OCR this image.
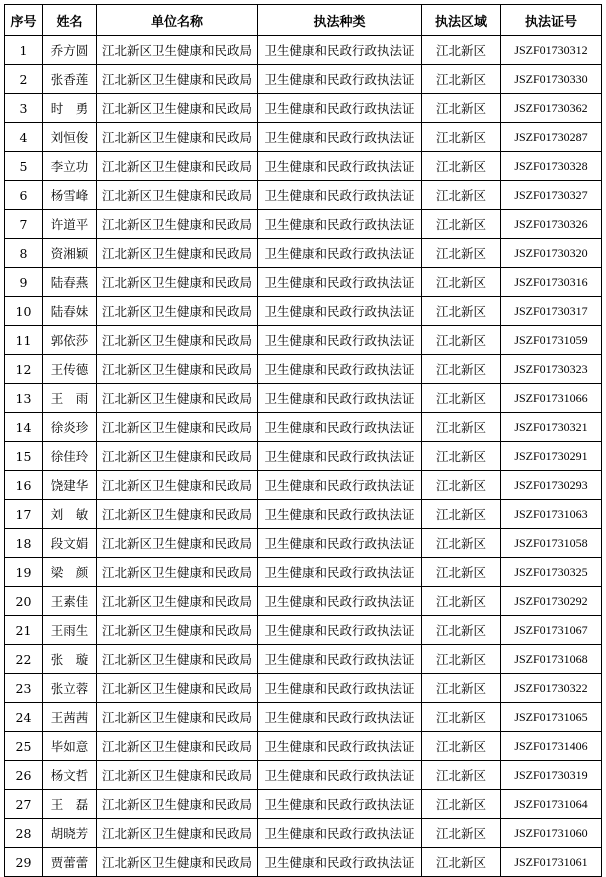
序号	姓名	单位名称	执法种类	执法区域	执法证号
1	乔方圆	江北新区卫生健康和民政局	卫生健康和民政行政执法证	江北新区	JSZF01730312
2	张香莲	江北新区卫生健康和民政局	卫生健康和民政行政执法证	江北新区	JSZF01730330
3	时　勇	江北新区卫生健康和民政局	卫生健康和民政行政执法证	江北新区	JSZF01730362
4	刘恒俊	江北新区卫生健康和民政局	卫生健康和民政行政执法证	江北新区	JSZF01730287
5	李立功	江北新区卫生健康和民政局	卫生健康和民政行政执法证	江北新区	JSZF01730328
6	杨雪峰	江北新区卫生健康和民政局	卫生健康和民政行政执法证	江北新区	JSZF01730327
7	许道平	江北新区卫生健康和民政局	卫生健康和民政行政执法证	江北新区	JSZF01730326
8	资湘颖	江北新区卫生健康和民政局	卫生健康和民政行政执法证	江北新区	JSZF01730320
9	陆春燕	江北新区卫生健康和民政局	卫生健康和民政行政执法证	江北新区	JSZF01730316
10	陆春妹	江北新区卫生健康和民政局	卫生健康和民政行政执法证	江北新区	JSZF01730317
11	郭依莎	江北新区卫生健康和民政局	卫生健康和民政行政执法证	江北新区	JSZF01731059
12	王传德	江北新区卫生健康和民政局	卫生健康和民政行政执法证	江北新区	JSZF01730323
13	王　雨	江北新区卫生健康和民政局	卫生健康和民政行政执法证	江北新区	JSZF01731066
14	徐炎珍	江北新区卫生健康和民政局	卫生健康和民政行政执法证	江北新区	JSZF01730321
15	徐佳玲	江北新区卫生健康和民政局	卫生健康和民政行政执法证	江北新区	JSZF01730291
16	饶建华	江北新区卫生健康和民政局	卫生健康和民政行政执法证	江北新区	JSZF01730293
17	刘　敏	江北新区卫生健康和民政局	卫生健康和民政行政执法证	江北新区	JSZF01731063
18	段文娟	江北新区卫生健康和民政局	卫生健康和民政行政执法证	江北新区	JSZF01731058
19	梁　颜	江北新区卫生健康和民政局	卫生健康和民政行政执法证	江北新区	JSZF01730325
20	王素佳	江北新区卫生健康和民政局	卫生健康和民政行政执法证	江北新区	JSZF01730292
21	王雨生	江北新区卫生健康和民政局	卫生健康和民政行政执法证	江北新区	JSZF01731067
22	张　璇	江北新区卫生健康和民政局	卫生健康和民政行政执法证	江北新区	JSZF01731068
23	张立蓉	江北新区卫生健康和民政局	卫生健康和民政行政执法证	江北新区	JSZF01730322
24	王茜茜	江北新区卫生健康和民政局	卫生健康和民政行政执法证	江北新区	JSZF01731065
25	毕如意	江北新区卫生健康和民政局	卫生健康和民政行政执法证	江北新区	JSZF01731406
26	杨文哲	江北新区卫生健康和民政局	卫生健康和民政行政执法证	江北新区	JSZF01730319
27	王　磊	江北新区卫生健康和民政局	卫生健康和民政行政执法证	江北新区	JSZF01731064
28	胡晓芳	江北新区卫生健康和民政局	卫生健康和民政行政执法证	江北新区	JSZF01731060
29	贾蕾蕾	江北新区卫生健康和民政局	卫生健康和民政行政执法证	江北新区	JSZF01731061
